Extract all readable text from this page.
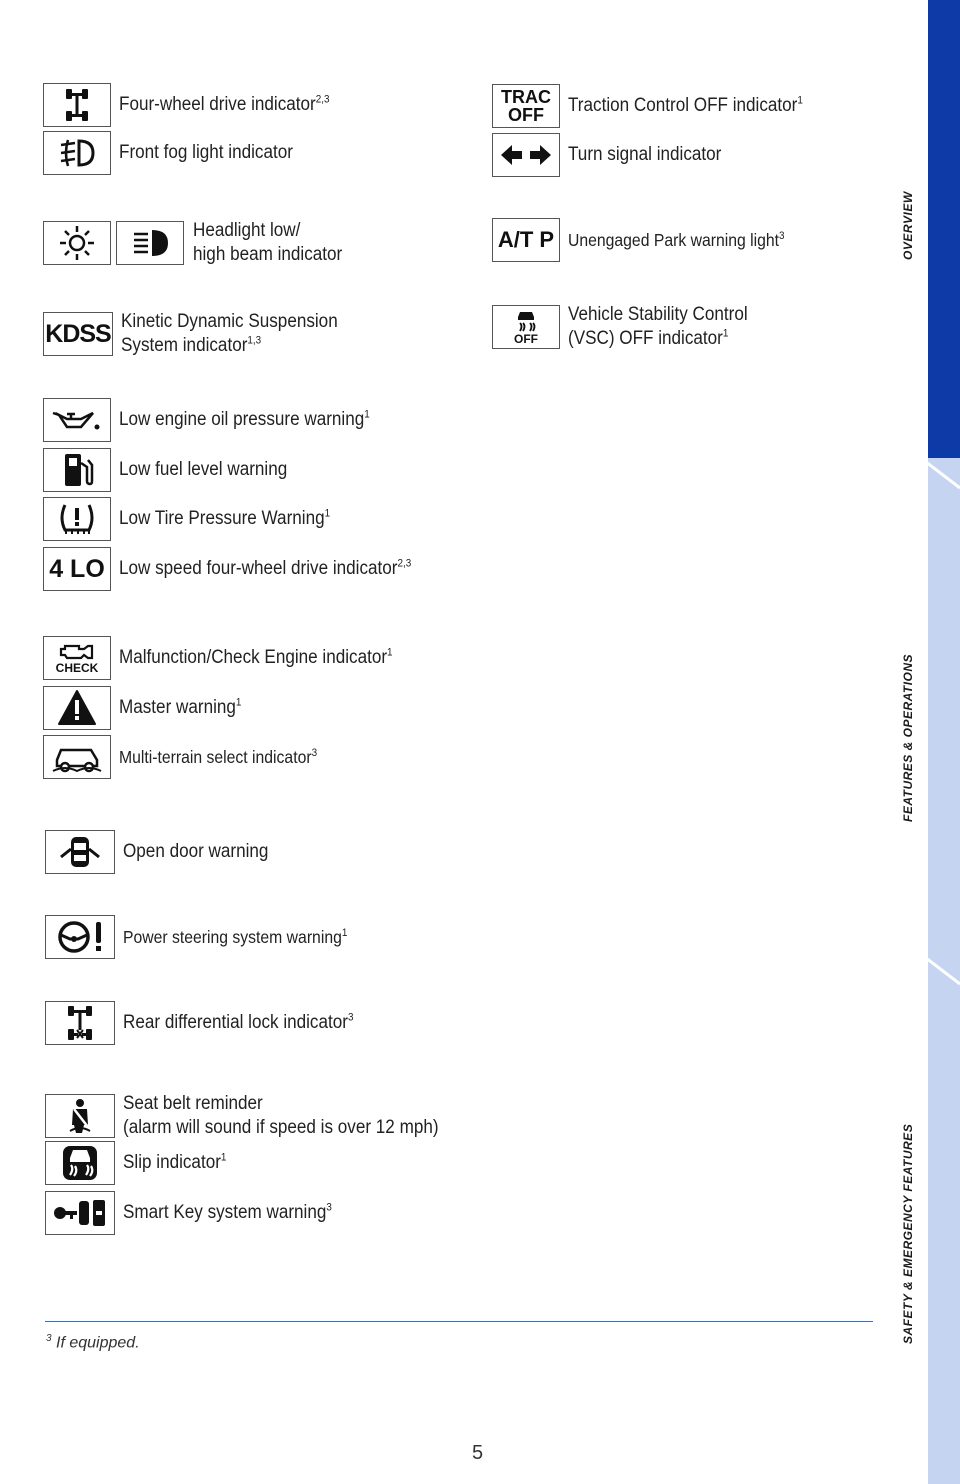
OVERVIEW
FEATURES & OPERATIONS
SAFETY & EMERGENCY FEATURES
Four-wheel drive indicator$^{2,3}$
Front fog light indicator
Headlight low/
high beam indicator
KDSS Kinetic Dynamic Suspension
System indicator$^{1,3}$
Low engine oil pressure warning$^1$
Low fuel level warning
Low Tire Pressure Warning$^1$
4 LO Low speed four-wheel drive indicator$^{2,3}$
CHECK Malfunction/Check Engine indicator$^1$
Master warning$^1$
Multi-terrain select indicator$^3$
Open door warning
Power steering system warning$^1$
Rear differential lock indicator$^3$
Seat belt reminder
(alarm will sound if speed is over 12 mph)
Slip indicator$^1$
Smart Key system warning$^3$
TRAC
OFF Traction Control OFF indicator$^1$
Turn signal indicator
A/T P Unengaged Park warning light$^3$
OFF
Vehicle Stability Control
(VSC) OFF indicator$^1$
$^3$ If equipped.
5
